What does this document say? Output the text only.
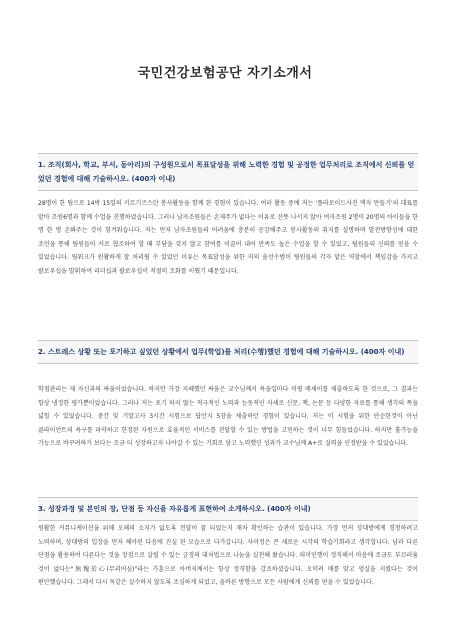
국민건강보험공단 자기소개서

1. 조직(회사, 학교, 부서, 동아리)의 구성원으로서 목표달성을 위해 노력한 경험 및 공정한 업무처리로 조직에서 신뢰를 얻었던 경험에 대해 기술하시오. (400자 이내)

28명이 한 팀으로 14박 15일의 키르기즈스탄 봉사활동을 함께 한 경험이 있습니다. 여러 활동 중에 저는 '플라로이드사진 액자 만들기'의 대표를 맡아 조원6명과 함께 수업을 진행하였습니다. 그러나 남자조원들은 손재주가 없다는 이유로 선뜻 나서지 않아 여자조원 2명이 20명의 아이들을 한 명 한 명 손봐주는 것이 힘겨워습니다. 저는 먼저 남자조원들의 어려움에 충분히 공감해주고 봉사활동의 취지를 설명하며 발전방향성에 대한 조언을 통해 팀원들이 서로 협조하여 할 때 부담을 갖지 않고 참여를 이끌어 내어 만족도 높은 수업을 할 수 있었고, 팀원들의 신뢰를 얻을 수 있었습니다. 팀워크가 원활하게 잘 처리될 수 있었던 이유는 목표달성을 위한 저의 솔선수범이 팀원들의 각자 맡은 역할에서 책임감을 가지고 팔로우십을 발휘하여 리더십과 팔로우십이 적절히 조화를 이뤘기 때문입니다.

2. 스트레스 상황 또는 포기하고 싶었던 상황에서 업무(학업)를 처리(수행)했던 경험에 대해 기술하시오. (400자 이내)

학점관리는 제 자신과의 싸움이었습니다. 하지만 가장 지혜했던 싸움은 교수님께서 욕을입마다 비평 메세이를 제출하도록 한 것으로, 그 결과는 항상 냉정한 평가뿐이었습니다. 그러나 저는 포기 하지 않는 적극적인 노력과 능동적인 자세로 신문, 책, 논문 등 다양한 자료를 통해 생각의 폭을 넓힐 수 있었습니다. 중간 및 기말고사 3시간 시험으로 답안지 5장을 제출하던 경험이 있습니다. 저는 이 시험을 위한 단순한것이 아닌 클라이언트의 욕구를 파악하고 한정된 자원으로 효율적인 서비스를 전달할 수 있는 방법을 고민하는 것이 너무 힘들었습니다. 하지만 홀가능을 가능으로 바꾸려하기 보다는 조금 더 성장하고자 나아갈 수 있는 기회로 삼고 노력했던 성과가 교수님께 A+로 실력을 인정받을 수 있었습니다.

3. 성장과정 및 본인의 장, 단점 등 자신을 자유롭게 표현하여 소개하시오. (400자 이내)

원활한 커뮤니케이션을 위해 오해의 소지가 없도록 전달이 잘 되었는지 재차 확인하는 습관이 있습니다. 가장 먼저 상대방에게 경청하려고 노력하며, 상대방의 입장을 먼저 헤아린 다음에 진실 된 모습으로 다가갑니다. 자이정은 꼰 새로운 시각의 학습기회라고 생각합니다. 남과 다른 단점을 활용하여 다른다는 것을 장점으로 살릴 수 있는 긍정의 대처법으로 나눔을 실천해 왔습니다. 의미인행이 정직해서 마음에 조금도 부끄러움 것이 없다는"無愧於心(무괴어심)"라는 가훈으로 아버지께서는 항상 정직함을 강조하셨습니다. 오히려 매를 맞고 엉실을 지켰다는 것이 편안했습니다. 그래서 다시 독같은 실수하지 않도록 조심하게 되었고, 올바른 방향으로 모든 사람에게 신뢰를 얻을 수 있었습니다.
